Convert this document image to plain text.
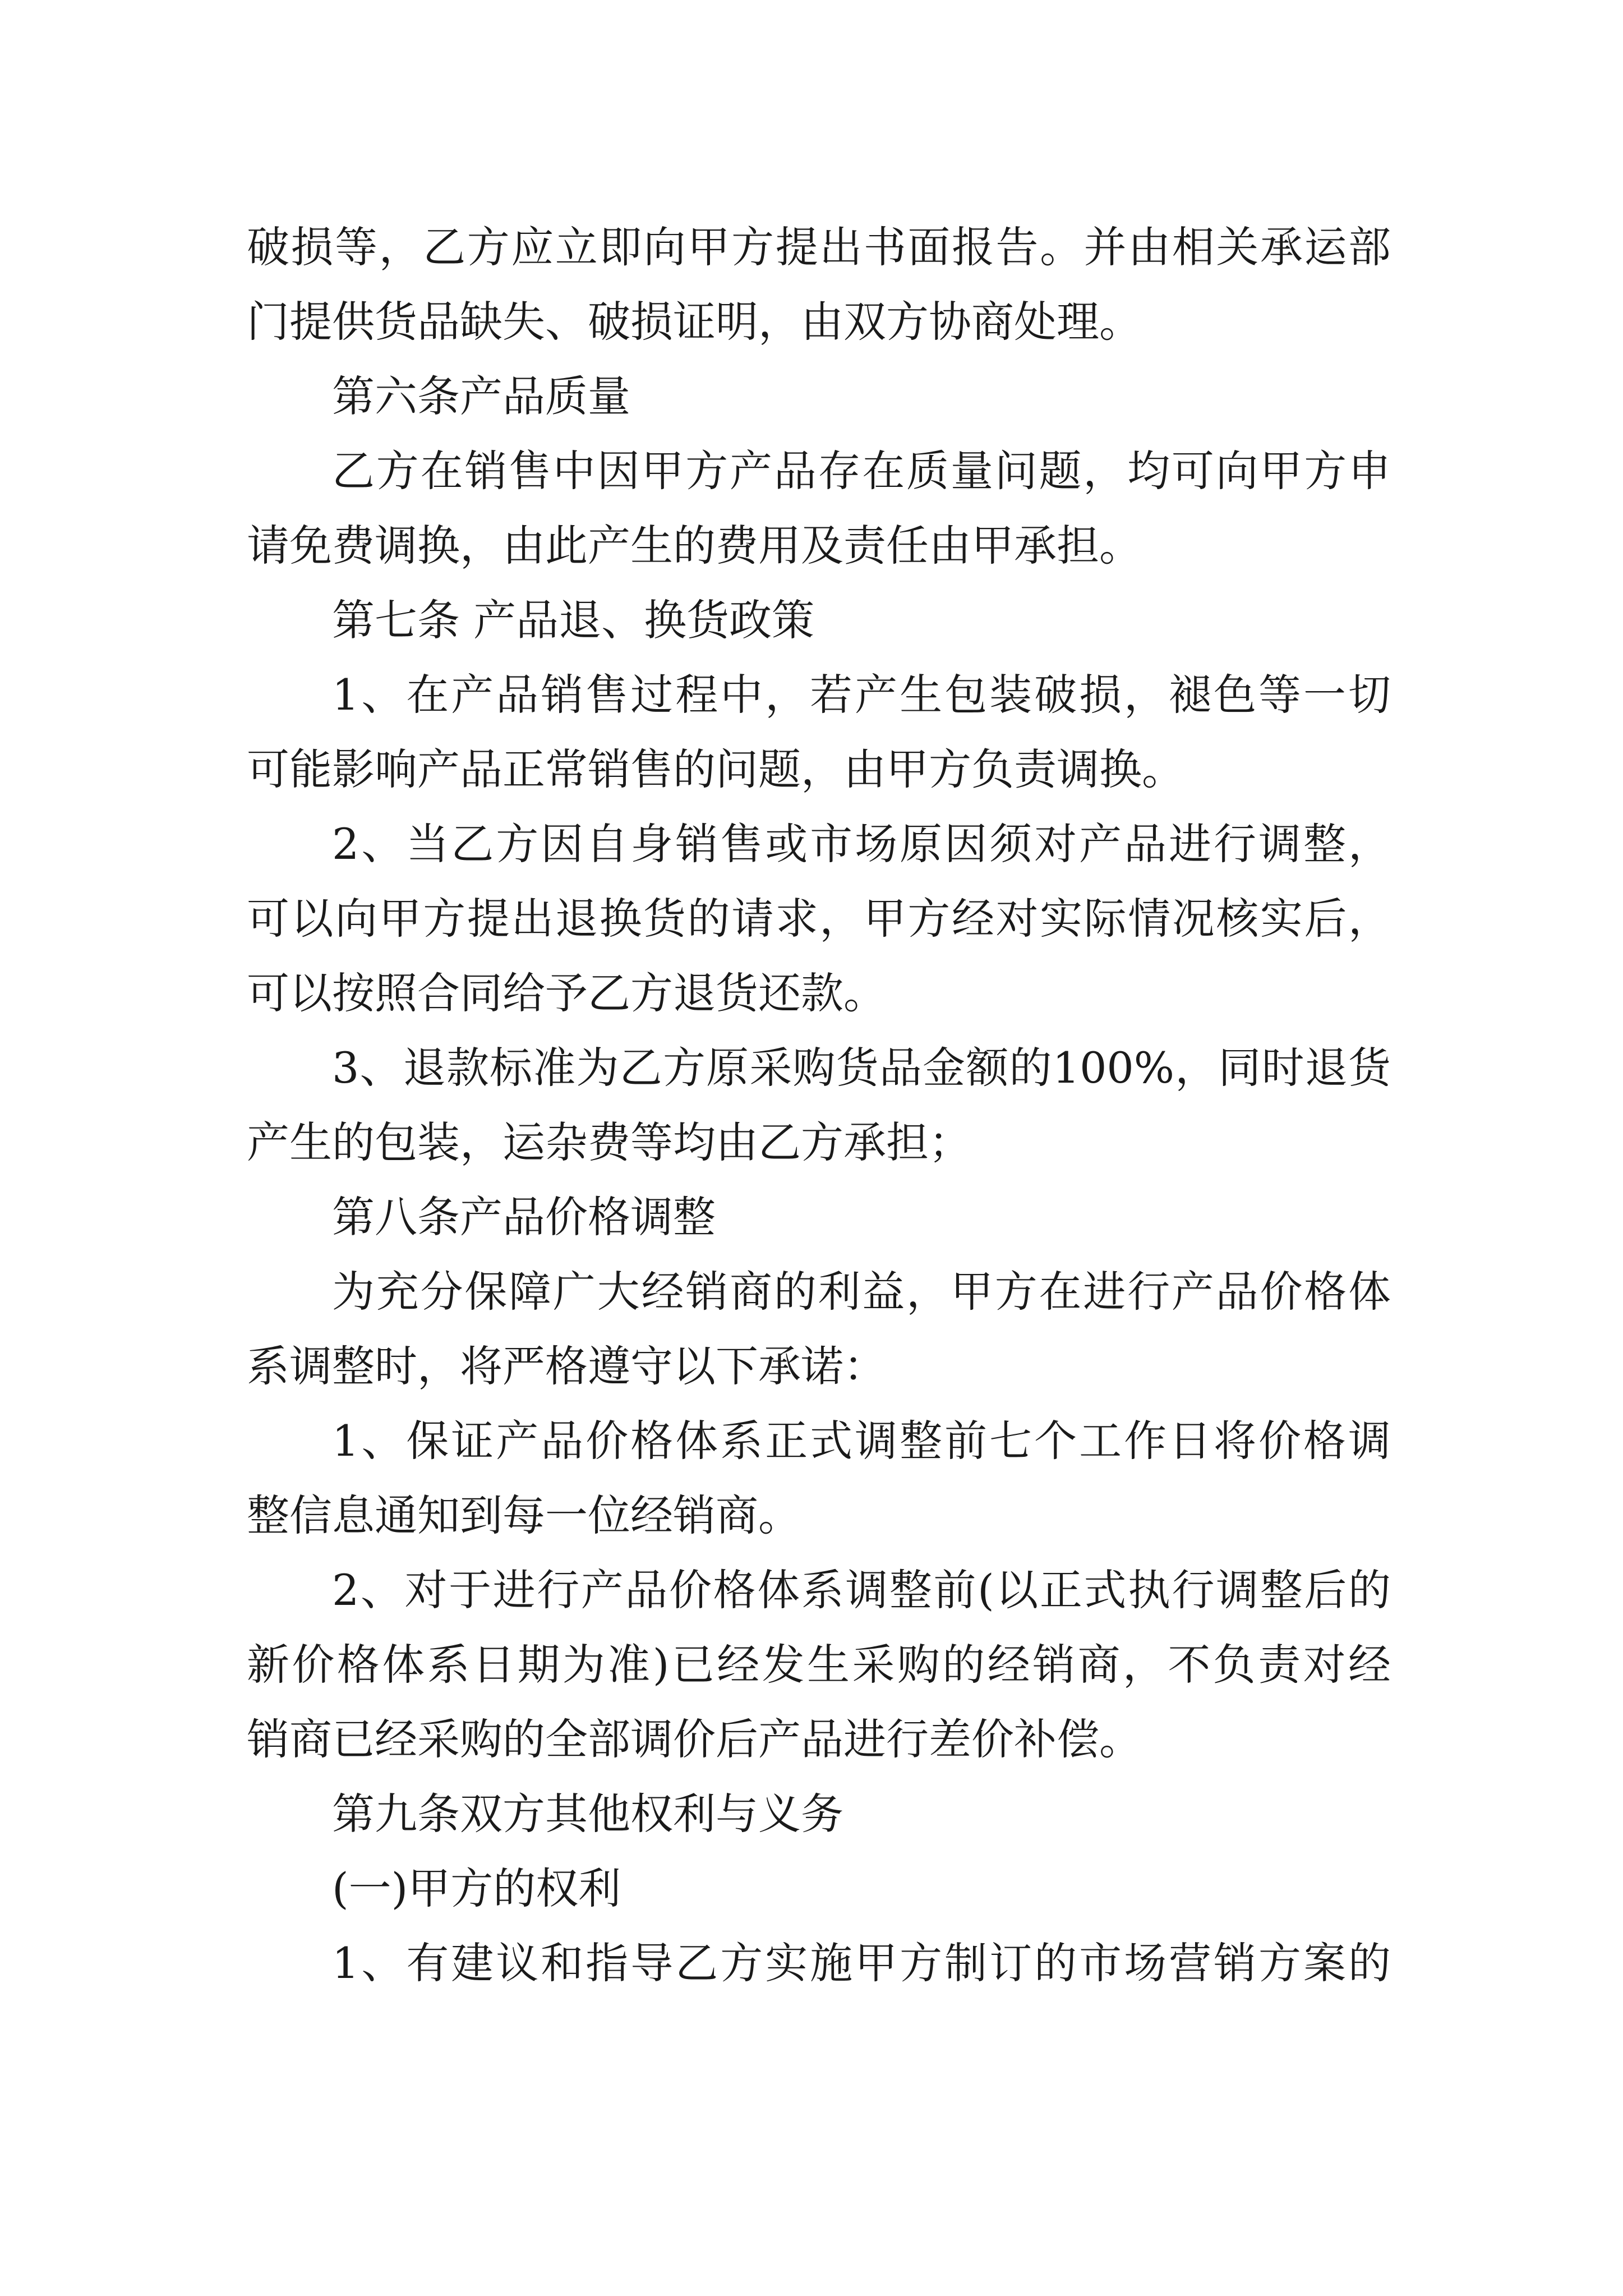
破损等，乙方应立即向甲方提出书面报告。并由相关承运部
门提供货品缺失、破损证明，由双方协商处理。
第六条产品质量
乙方在销售中因甲方产品存在质量问题，均可向甲方申
请免费调换，由此产生的费用及责任由甲承担。
第七条 产品退、换货政策
1、在产品销售过程中，若产生包装破损，褪色等一切
可能影响产品正常销售的问题，由甲方负责调换。
2、当乙方因自身销售或市场原因须对产品进行调整，
可以向甲方提出退换货的请求，甲方经对实际情况核实后，
可以按照合同给予乙方退货还款。
3、退款标准为乙方原采购货品金额的100%，同时退货
产生的包装，运杂费等均由乙方承担；
第八条产品价格调整
为充分保障广大经销商的利益，甲方在进行产品价格体
系调整时，将严格遵守以下承诺：
1、保证产品价格体系正式调整前七个工作日将价格调
整信息通知到每一位经销商。
2、对于进行产品价格体系调整前(以正式执行调整后的
新价格体系日期为准)已经发生采购的经销商，不负责对经
销商已经采购的全部调价后产品进行差价补偿。
第九条双方其他权利与义务
(一)甲方的权利
1、有建议和指导乙方实施甲方制订的市场营销方案的
